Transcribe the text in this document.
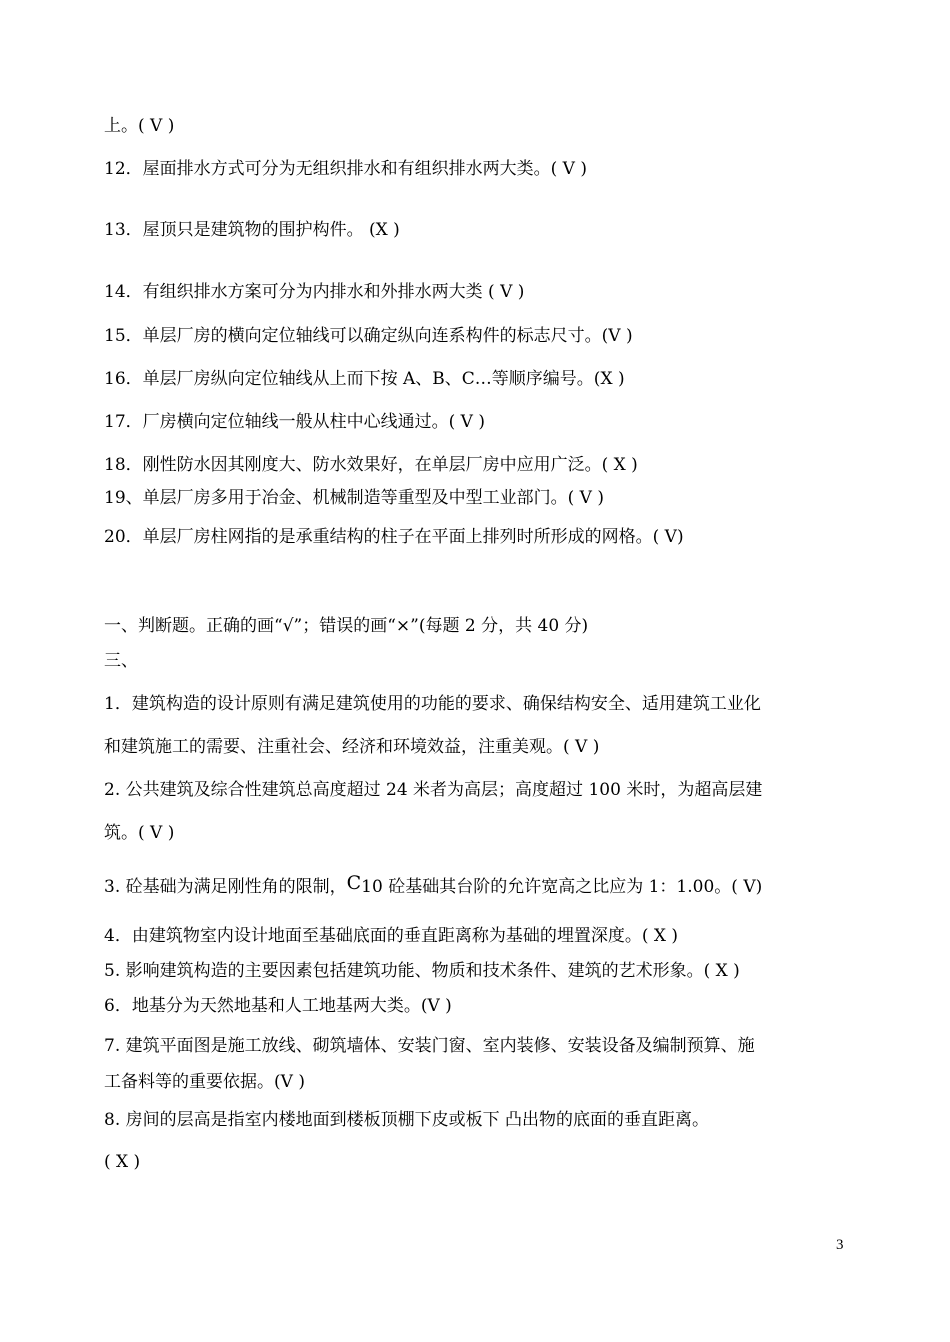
上。( V )
12．屋面排水方式可分为无组织排水和有组织排水两大类。( V )
13．屋顶只是建筑物的围护构件。 (X )
14．有组织排水方案可分为内排水和外排水两大类 ( V )
15．单层厂房的横向定位轴线可以确定纵向连系构件的标志尺寸。(V )
16．单层厂房纵向定位轴线从上而下按 A、B、C…等顺序编号。(X )
17．厂房横向定位轴线一般从柱中心线通过。( V )
18．刚性防水因其刚度大、防水效果好，在单层厂房中应用广泛。( X )
19、单层厂房多用于冶金、机械制造等重型及中型工业部门。( V )
20．单层厂房柱网指的是承重结构的柱子在平面上排列时所形成的网格。( V)
一、判断题。正确的画“√”；错误的画“×”(每题 2 分，共 40 分)
三、
1．建筑构造的设计原则有满足建筑使用的功能的要求、确保结构安全、适用建筑工业化
和建筑施工的需要、注重社会、经济和环境效益，注重美观。( V )
2. 公共建筑及综合性建筑总高度超过 24 米者为高层；高度超过 100 米时，为超高层建
筑。( V )
3. 砼基础为满足刚性角的限制，C10 砼基础其台阶的允许宽高之比应为 1：1.00。( V)
4．由建筑物室内设计地面至基础底面的垂直距离称为基础的埋置深度。( X )
5. 影响建筑构造的主要因素包括建筑功能、物质和技术条件、建筑的艺术形象。( X )
6．地基分为天然地基和人工地基两大类。(V )
7. 建筑平面图是施工放线、砌筑墙体、安装门窗、室内装修、安装设备及编制预算、施
工备料等的重要依据。(V )
8. 房间的层高是指室内楼地面到楼板顶棚下皮或板下 凸出物的底面的垂直距离。
( X )
3
